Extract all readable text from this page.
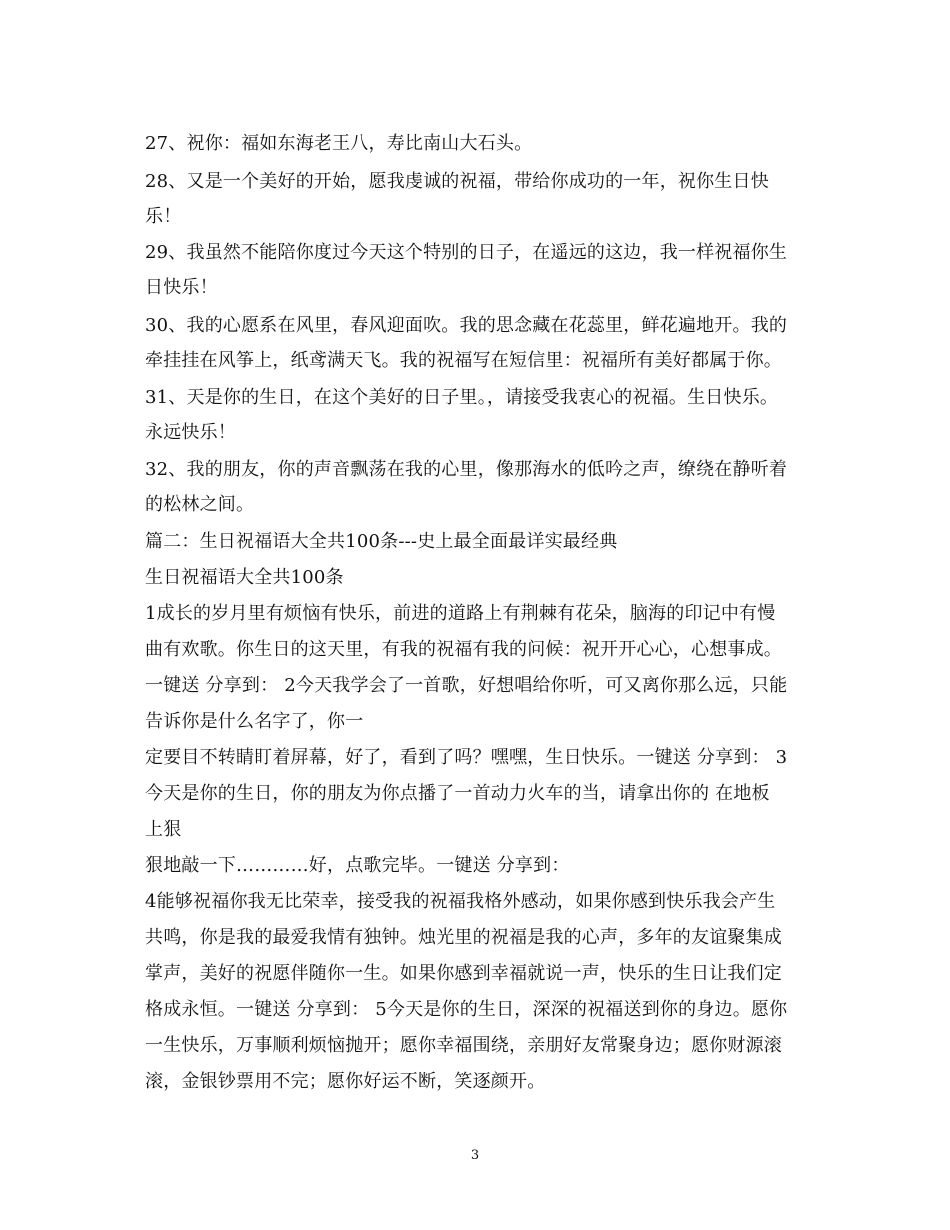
27、祝你：福如东海老王八，寿比南山大石头。
28、又是一个美好的开始，愿我虔诚的祝福，带给你成功的一年，祝你生日快
乐！
29、我虽然不能陪你度过今天这个特别的日子，在遥远的这边，我一样祝福你生
日快乐！
30、我的心愿系在风里，春风迎面吹。我的思念藏在花蕊里，鲜花遍地开。我的
牵挂挂在风筝上，纸鸢满天飞。我的祝福写在短信里：祝福所有美好都属于你。
31、天是你的生日，在这个美好的日子里。，请接受我衷心的祝福。生日快乐。
永远快乐！
32、我的朋友，你的声音飘荡在我的心里，像那海水的低吟之声，缭绕在静听着
的松林之间。
篇二：生日祝福语大全共100条---史上最全面最详实最经典
生日祝福语大全共100条
1成长的岁月里有烦恼有快乐，前进的道路上有荆棘有花朵，脑海的印记中有慢
曲有欢歌。你生日的这天里，有我的祝福有我的问候：祝开开心心，心想事成。
一键送 分享到： 2今天我学会了一首歌，好想唱给你听，可又离你那么远，只能
告诉你是什么名字了，你一
定要目不转睛盯着屏幕，好了，看到了吗？嘿嘿，生日快乐。一键送 分享到： 3
今天是你的生日，你的朋友为你点播了一首动力火车的当，请拿出你的 在地板
上狠
狠地敲一下…………好，点歌完毕。一键送 分享到：
4能够祝福你我无比荣幸，接受我的祝福我格外感动，如果你感到快乐我会产生
共鸣，你是我的最爱我情有独钟。烛光里的祝福是我的心声，多年的友谊聚集成
掌声，美好的祝愿伴随你一生。如果你感到幸福就说一声，快乐的生日让我们定
格成永恒。一键送 分享到： 5今天是你的生日，深深的祝福送到你的身边。愿你
一生快乐，万事顺利烦恼抛开；愿你幸福围绕，亲朋好友常聚身边；愿你财源滚
滚，金银钞票用不完；愿你好运不断，笑逐颜开。
3
